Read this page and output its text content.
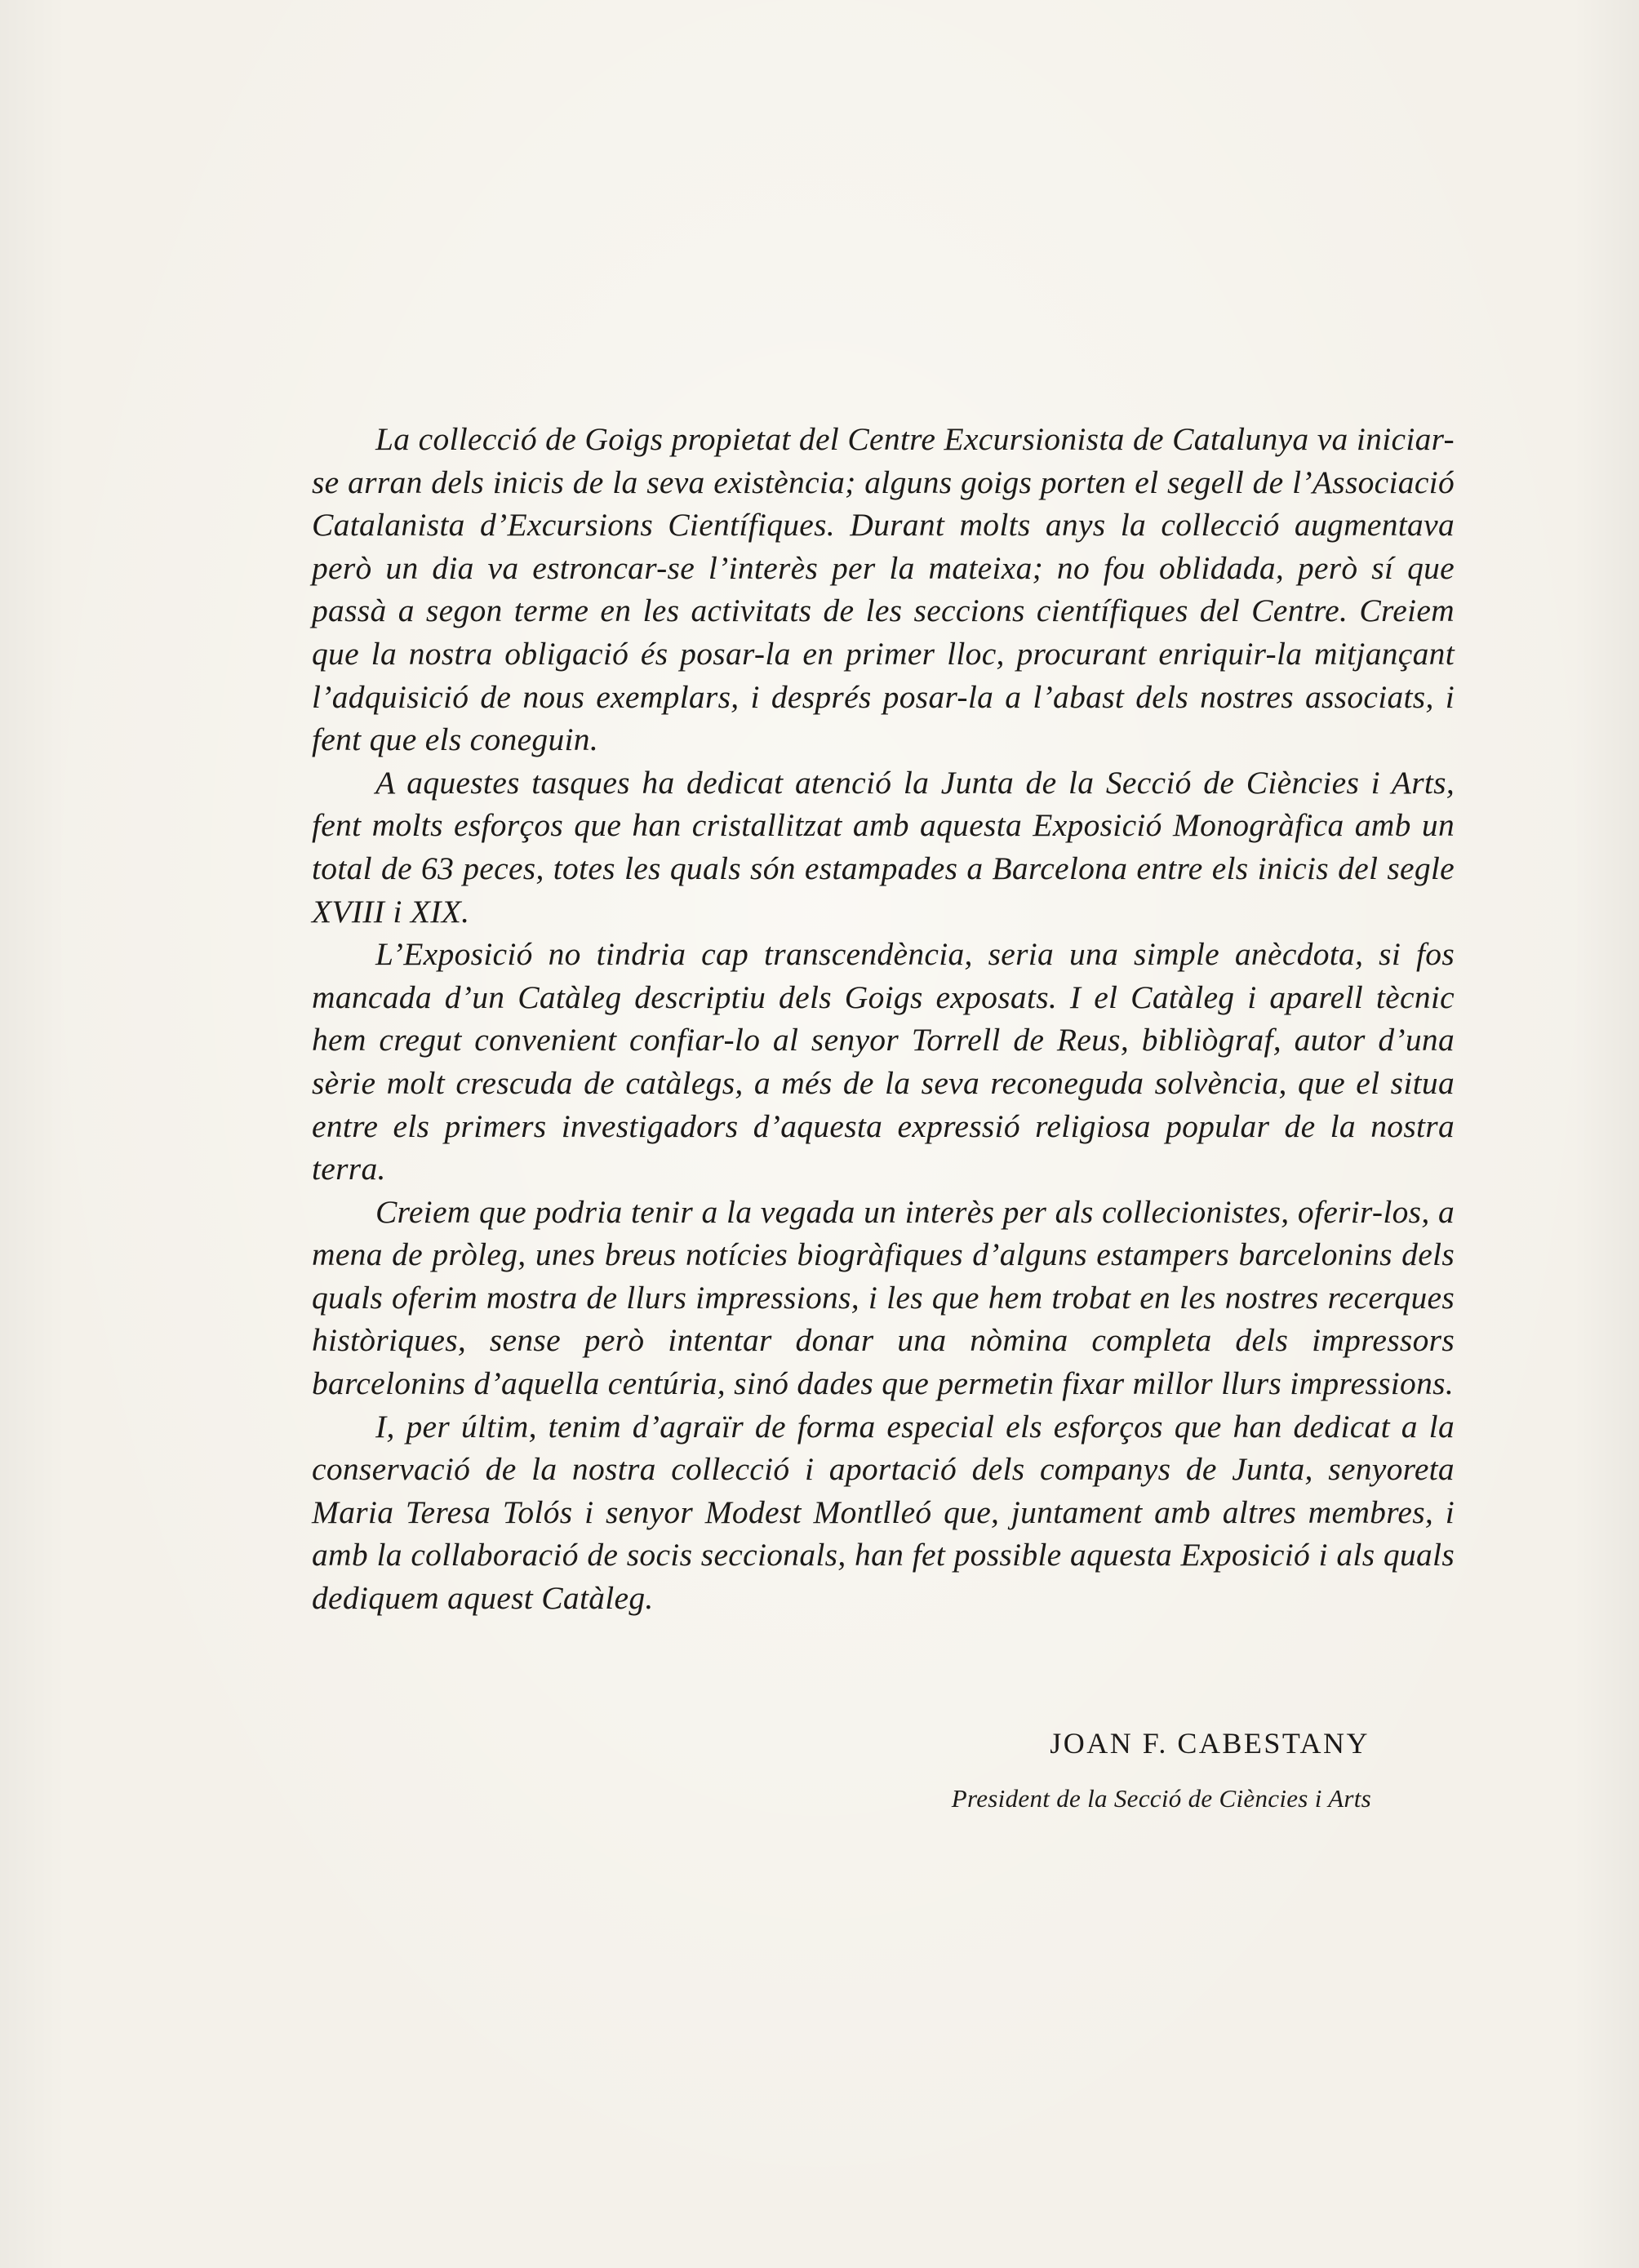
La collecció de Goigs propietat del Centre Excursionista de Catalunya va iniciar-se arran dels inicis de la seva existència; alguns goigs porten el segell de l’Associació Catalanista d’Excursions Científiques. Durant molts anys la collecció augmentava però un dia va estroncar-se l’interès per la mateixa; no fou oblidada, però sí que passà a segon terme en les activitats de les seccions científiques del Centre. Creiem que la nostra obligació és posar-la en primer lloc, procurant enriquir-la mitjançant l’adquisició de nous exemplars, i després posar-la a l’abast dels nostres associats, i fent que els coneguin.

A aquestes tasques ha dedicat atenció la Junta de la Secció de Ciències i Arts, fent molts esforços que han cristallitzat amb aquesta Exposició Monogràfica amb un total de 63 peces, totes les quals són estampades a Barcelona entre els inicis del segle XVIII i XIX.

L’Exposició no tindria cap transcendència, seria una simple anècdota, si fos mancada d’un Catàleg descriptiu dels Goigs exposats. I el Catàleg i aparell tècnic hem cregut convenient confiar-lo al senyor Torrell de Reus, bibliògraf, autor d’una sèrie molt crescuda de catàlegs, a més de la seva reconeguda solvència, que el situa entre els primers investigadors d’aquesta expressió religiosa popular de la nostra terra.

Creiem que podria tenir a la vegada un interès per als collecionistes, oferir-los, a mena de pròleg, unes breus notícies biogràfiques d’alguns estampers barcelonins dels quals oferim mostra de llurs impressions, i les que hem trobat en les nostres recerques històriques, sense però intentar donar una nòmina completa dels impressors barcelonins d’aquella centúria, sinó dades que permetin fixar millor llurs impressions.

I, per últim, tenim d’agraïr de forma especial els esforços que han dedicat a la conservació de la nostra collecció i aportació dels companys de Junta, senyoreta Maria Teresa Tolós i senyor Modest Montlleó que, juntament amb altres membres, i amb la collaboració de socis seccionals, han fet possible aquesta Exposició i als quals dediquem aquest Catàleg.

JOAN F. CABESTANY
President de la Secció de Ciències i Arts
